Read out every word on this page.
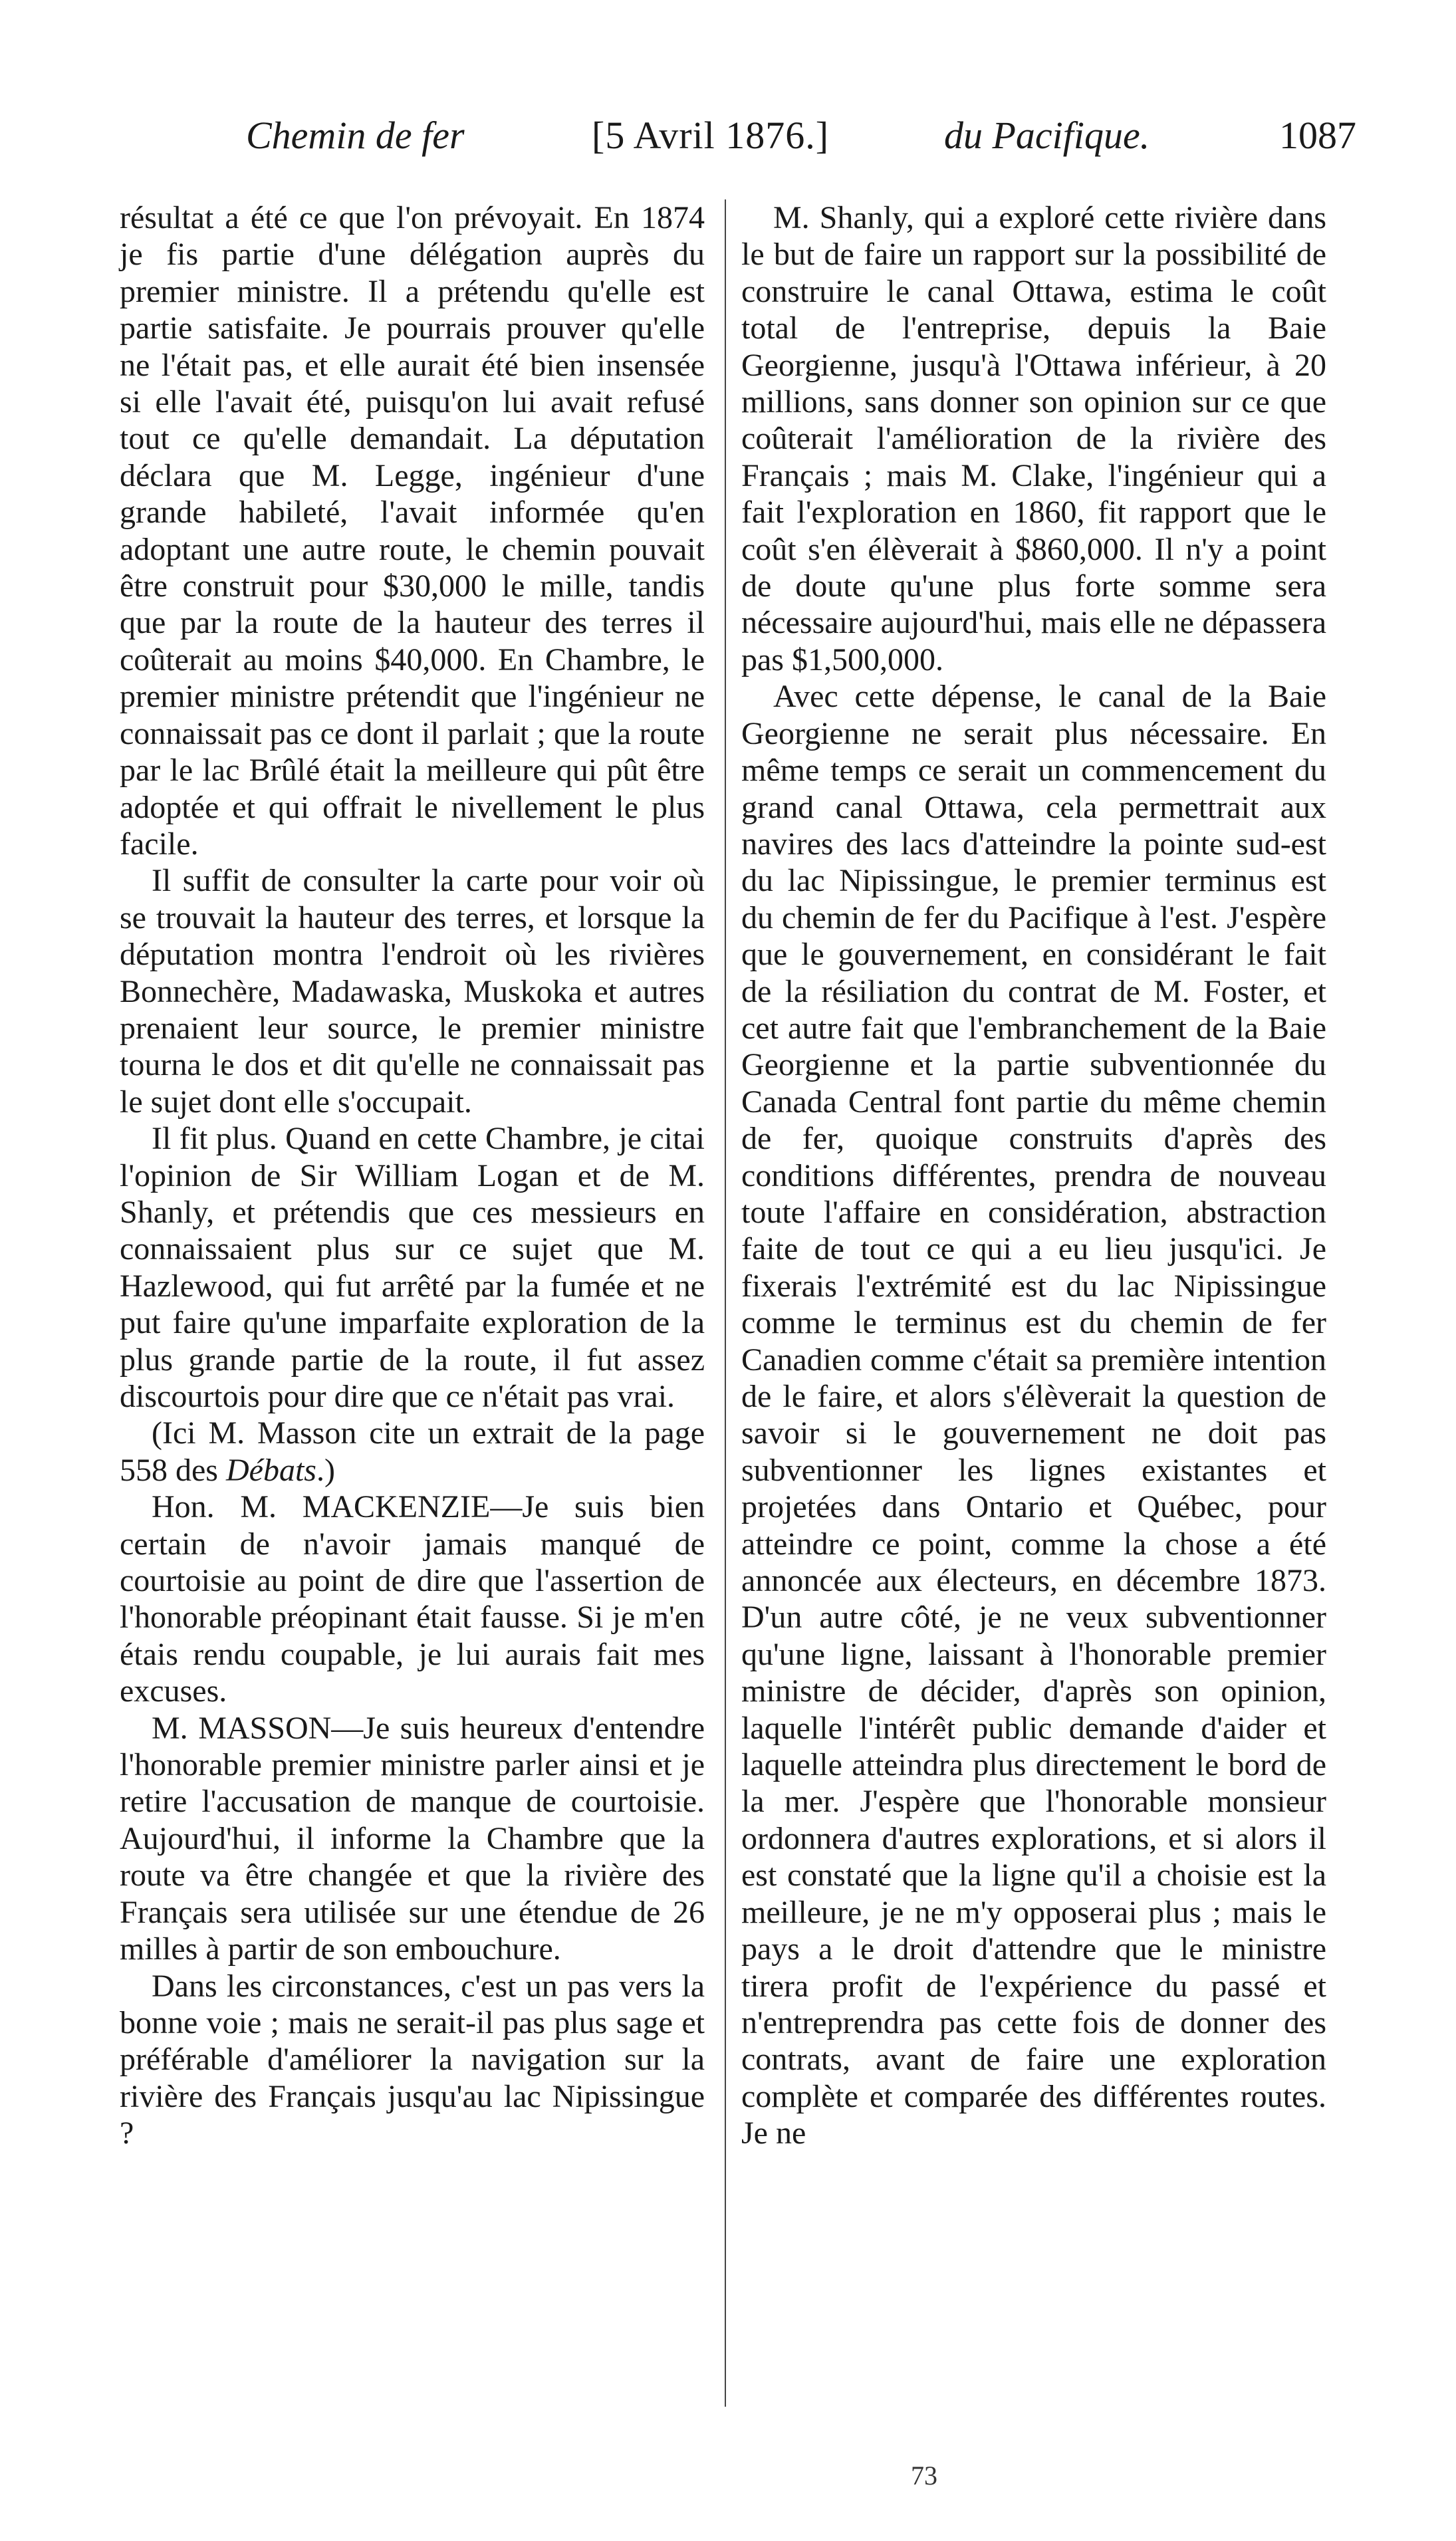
Chemin de fer	[5 Avril 1876.]	du Pacifique.	1087

résultat a été ce que l'on prévoyait. En 1874 je fis partie d'une délégation auprès du premier ministre. Il a prétendu qu'elle est partie satisfaite. Je pourrais prouver qu'elle ne l'était pas, et elle aurait été bien insensée si elle l'avait été, puisqu'on lui avait refusé tout ce qu'elle demandait. La députation déclara que M. Legge, ingénieur d'une grande habileté, l'avait informée qu'en adoptant une autre route, le chemin pouvait être construit pour $30,000 le mille, tandis que par la route de la hauteur des terres il coûterait au moins $40,000. En Chambre, le premier ministre prétendit que l'ingénieur ne connaissait pas ce dont il parlait ; que la route par le lac Brûlé était la meilleure qui pût être adoptée et qui offrait le nivellement le plus facile.

Il suffit de consulter la carte pour voir où se trouvait la hauteur des terres, et lorsque la députation montra l'endroit où les rivières Bonnechère, Madawaska, Muskoka et autres prenaient leur source, le premier ministre tourna le dos et dit qu'elle ne connaissait pas le sujet dont elle s'occupait.

Il fit plus. Quand en cette Chambre, je citai l'opinion de Sir William Logan et de M. Shanly, et prétendis que ces messieurs en connaissaient plus sur ce sujet que M. Hazlewood, qui fut arrêté par la fumée et ne put faire qu'une imparfaite exploration de la plus grande partie de la route, il fut assez discourtois pour dire que ce n'était pas vrai.

(Ici M. Masson cite un extrait de la page 558 des Débats.)

Hon. M. MACKENZIE—Je suis bien certain de n'avoir jamais manqué de courtoisie au point de dire que l'assertion de l'honorable préopinant était fausse. Si je m'en étais rendu coupable, je lui aurais fait mes excuses.

M. MASSON—Je suis heureux d'entendre l'honorable premier ministre parler ainsi et je retire l'accusation de manque de courtoisie. Aujourd'hui, il informe la Chambre que la route va être changée et que la rivière des Français sera utilisée sur une étendue de 26 milles à partir de son embouchure.

Dans les circonstances, c'est un pas vers la bonne voie ; mais ne serait-il pas plus sage et préférable d'améliorer la navigation sur la rivière des Français jusqu'au lac Nipissingue ?

M. Shanly, qui a exploré cette rivière dans le but de faire un rapport sur la possibilité de construire le canal Ottawa, estima le coût total de l'entreprise, depuis la Baie Georgienne, jusqu'à l'Ottawa inférieur, à 20 millions, sans donner son opinion sur ce que coûterait l'amélioration de la rivière des Français ; mais M. Clake, l'ingénieur qui a fait l'exploration en 1860, fit rapport que le coût s'en élèverait à $860,000. Il n'y a point de doute qu'une plus forte somme sera nécessaire aujourd'hui, mais elle ne dépassera pas $1,500,000.

Avec cette dépense, le canal de la Baie Georgienne ne serait plus nécessaire. En même temps ce serait un commencement du grand canal Ottawa, cela permettrait aux navires des lacs d'atteindre la pointe sud-est du lac Nipissingue, le premier terminus est du chemin de fer du Pacifique à l'est. J'espère que le gouvernement, en considérant le fait de la résiliation du contrat de M. Foster, et cet autre fait que l'embranchement de la Baie Georgienne et la partie subventionnée du Canada Central font partie du même chemin de fer, quoique construits d'après des conditions différentes, prendra de nouveau toute l'affaire en considération, abstraction faite de tout ce qui a eu lieu jusqu'ici. Je fixerais l'extrémité est du lac Nipissingue comme le terminus est du chemin de fer Canadien comme c'était sa première intention de le faire, et alors s'élèverait la question de savoir si le gouvernement ne doit pas subventionner les lignes existantes et projetées dans Ontario et Québec, pour atteindre ce point, comme la chose a été annoncée aux électeurs, en décembre 1873. D'un autre côté, je ne veux subventionner qu'une ligne, laissant à l'honorable premier ministre de décider, d'après son opinion, laquelle l'intérêt public demande d'aider et laquelle atteindra plus directement le bord de la mer. J'espère que l'honorable monsieur ordonnera d'autres explorations, et si alors il est constaté que la ligne qu'il a choisie est la meilleure, je ne m'y opposerai plus ; mais le pays a le droit d'attendre que le ministre tirera profit de l'expérience du passé et n'entreprendra pas cette fois de donner des contrats, avant de faire une exploration complète et comparée des différentes routes. Je ne

73
